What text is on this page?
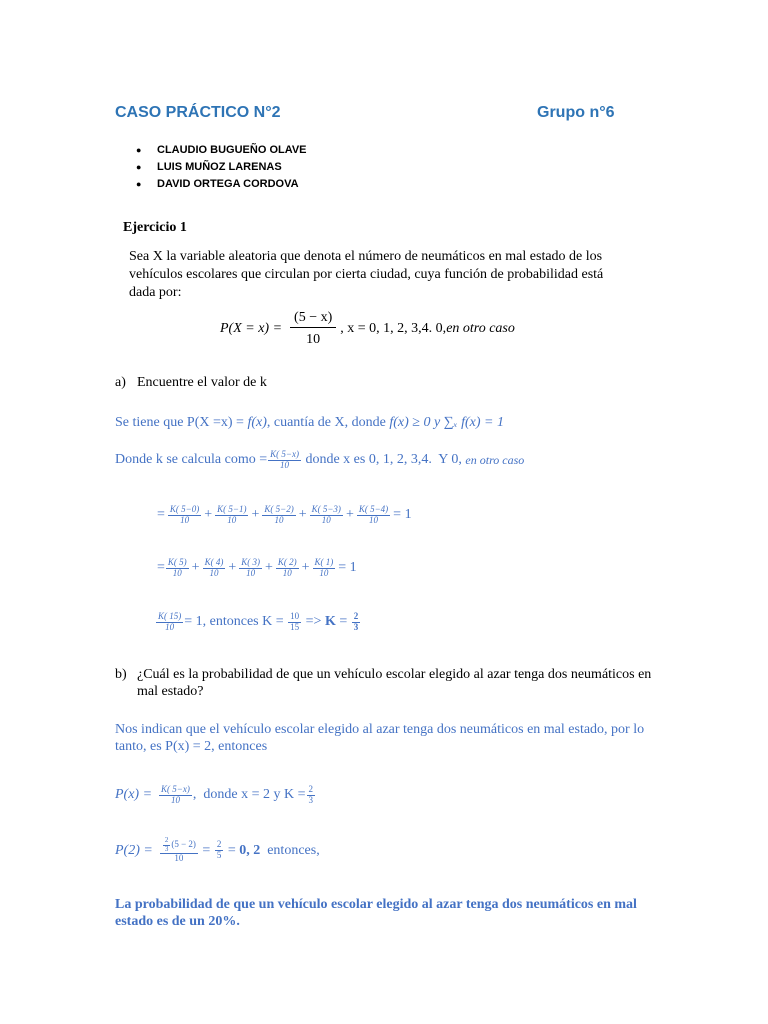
CASO PRÁCTICO N°2	Grupo n°6
● CLAUDIO BUGUEÑO OLAVE
● LUIS MUÑOZ LARENAS
● DAVID ORTEGA CORDOVA
Ejercicio 1
Sea X la variable aleatoria que denota el número de neumáticos en mal estado de los
vehículos escolares que circulan por cierta ciudad, cuya función de probabilidad está
dada por:
$P(X = x) = \frac{(5 - x)}{10}$ , x = 0, 1, 2, 3,4. 0, en otro caso
a) Encuentre el valor de k
Se tiene que P(X =x) = f(x), cuantía de X, donde f(x) ≥ 0 y ∑ₓ f(x) = 1
Donde k se calcula como = $\frac{K( 5-x)}{10}$ donde x es 0, 1, 2, 3,4.  Y 0, en otro caso
= $\frac{K( 5-0)}{10} + \frac{K( 5-1)}{10} + \frac{K( 5-2)}{10} + \frac{K( 5-3)}{10} + \frac{K( 5-4)}{10} = 1$
= $\frac{K( 5)}{10} + \frac{K( 4)}{10} + \frac{K( 3)}{10} + \frac{K( 2)}{10} + \frac{K( 1)}{10} = 1$
$\frac{K( 15)}{10} = 1$, entonces $K = \frac{10}{15} => K = \frac{2}{3}$
b) ¿Cuál es la probabilidad de que un vehículo escolar elegido al azar tenga dos neumáticos en
mal estado?
Nos indican que el vehículo escolar elegido al azar tenga dos neumáticos en mal estado, por lo
tanto, es P(x) = 2, entonces
$P(x) = \frac{K( 5-x)}{10}$ ,  donde x = 2 y $K = \frac{2}{3}$
$P(2) = \frac{\frac{2}{3} (5 - 2)}{10} = \frac{2}{5} = 0$, 2 entonces,
La probabilidad de que un vehículo escolar elegido al azar tenga dos neumáticos en mal
estado es de un 20%.
